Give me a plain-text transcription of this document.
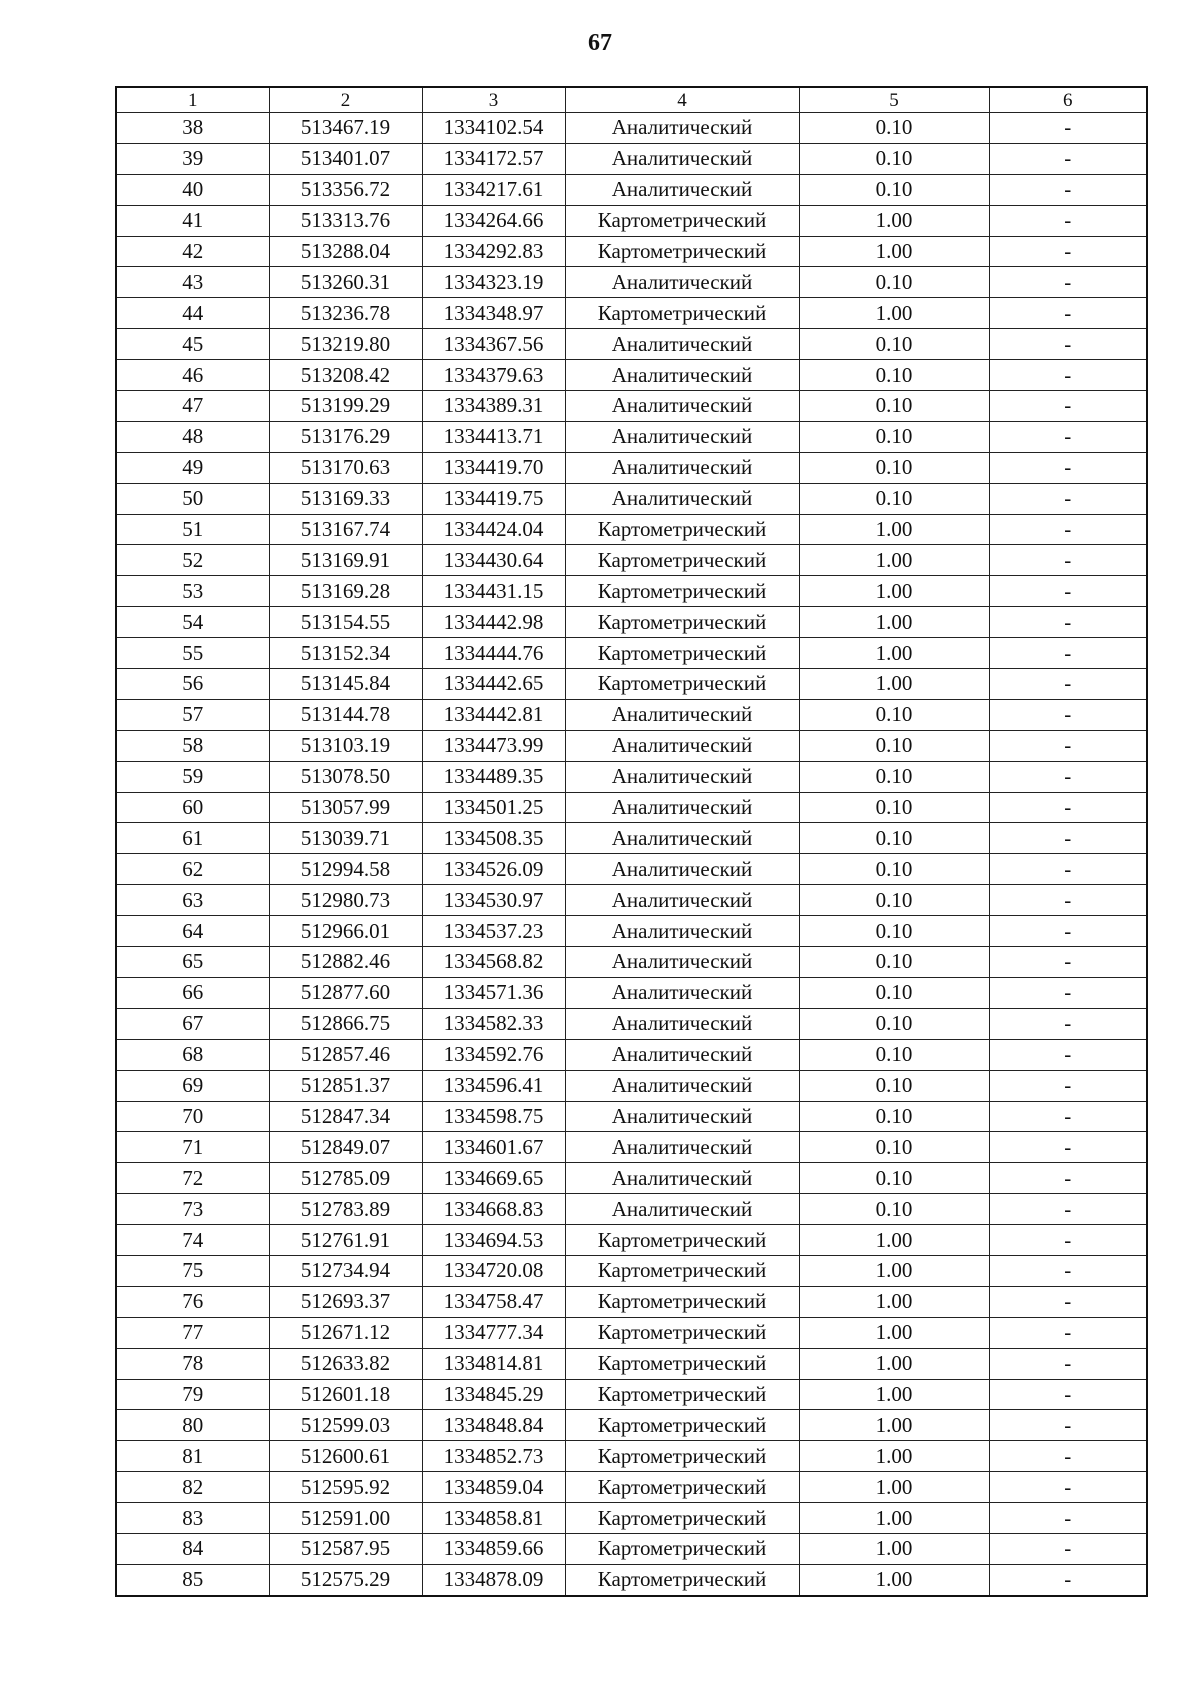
67
1	2	3	4	5	6
38	513467.19	1334102.54	Аналитический	0.10	-
39	513401.07	1334172.57	Аналитический	0.10	-
40	513356.72	1334217.61	Аналитический	0.10	-
41	513313.76	1334264.66	Картометрический	1.00	-
42	513288.04	1334292.83	Картометрический	1.00	-
43	513260.31	1334323.19	Аналитический	0.10	-
44	513236.78	1334348.97	Картометрический	1.00	-
45	513219.80	1334367.56	Аналитический	0.10	-
46	513208.42	1334379.63	Аналитический	0.10	-
47	513199.29	1334389.31	Аналитический	0.10	-
48	513176.29	1334413.71	Аналитический	0.10	-
49	513170.63	1334419.70	Аналитический	0.10	-
50	513169.33	1334419.75	Аналитический	0.10	-
51	513167.74	1334424.04	Картометрический	1.00	-
52	513169.91	1334430.64	Картометрический	1.00	-
53	513169.28	1334431.15	Картометрический	1.00	-
54	513154.55	1334442.98	Картометрический	1.00	-
55	513152.34	1334444.76	Картометрический	1.00	-
56	513145.84	1334442.65	Картометрический	1.00	-
57	513144.78	1334442.81	Аналитический	0.10	-
58	513103.19	1334473.99	Аналитический	0.10	-
59	513078.50	1334489.35	Аналитический	0.10	-
60	513057.99	1334501.25	Аналитический	0.10	-
61	513039.71	1334508.35	Аналитический	0.10	-
62	512994.58	1334526.09	Аналитический	0.10	-
63	512980.73	1334530.97	Аналитический	0.10	-
64	512966.01	1334537.23	Аналитический	0.10	-
65	512882.46	1334568.82	Аналитический	0.10	-
66	512877.60	1334571.36	Аналитический	0.10	-
67	512866.75	1334582.33	Аналитический	0.10	-
68	512857.46	1334592.76	Аналитический	0.10	-
69	512851.37	1334596.41	Аналитический	0.10	-
70	512847.34	1334598.75	Аналитический	0.10	-
71	512849.07	1334601.67	Аналитический	0.10	-
72	512785.09	1334669.65	Аналитический	0.10	-
73	512783.89	1334668.83	Аналитический	0.10	-
74	512761.91	1334694.53	Картометрический	1.00	-
75	512734.94	1334720.08	Картометрический	1.00	-
76	512693.37	1334758.47	Картометрический	1.00	-
77	512671.12	1334777.34	Картометрический	1.00	-
78	512633.82	1334814.81	Картометрический	1.00	-
79	512601.18	1334845.29	Картометрический	1.00	-
80	512599.03	1334848.84	Картометрический	1.00	-
81	512600.61	1334852.73	Картометрический	1.00	-
82	512595.92	1334859.04	Картометрический	1.00	-
83	512591.00	1334858.81	Картометрический	1.00	-
84	512587.95	1334859.66	Картометрический	1.00	-
85	512575.29	1334878.09	Картометрический	1.00	-
